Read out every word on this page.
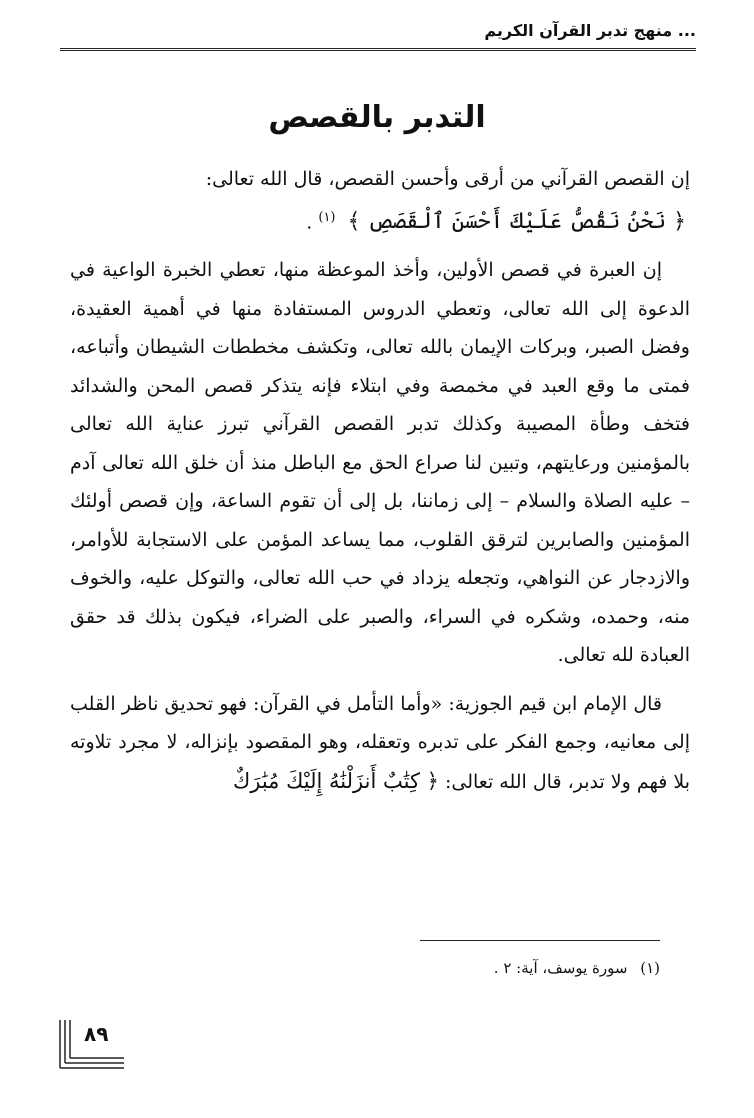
... منهج تدبر القرآن الكريم
التدبر بالقصص

إن القصص القرآني من أرقى وأحسن القصص، قال الله تعالى:
﴿ نَحْنُ نَقُصُّ عَلَيْكَ أَحْسَنَ ٱلْقَصَصِ ﴾ $^{(١)}$ .

إن العبرة في قصص الأولين، وأخذ الموعظة منها، تعطي الخبرة الواعية في الدعوة إلى الله تعالى، وتعطي الدروس المستفادة منها في أهمية العقيدة، وفضل الصبر، وبركات الإيمان بالله تعالى، وتكشف مخططات الشيطان وأتباعه، فمتى ما وقع العبد في مخمصة وفي ابتلاء فإنه يتذكر قصص المحن والشدائد فتخف وطأة المصيبة وكذلك تدبر القصص القرآني تبرز عناية الله تعالى بالمؤمنين ورعايتهم، وتبين لنا صراع الحق مع الباطل منذ أن خلق الله تعالى آدم – عليه الصلاة والسلام – إلى زماننا، بل إلى أن تقوم الساعة، وإن قصص أولئك المؤمنين والصابرين لترقق القلوب، مما يساعد المؤمن على الاستجابة للأوامر، والازدجار عن النواهي، وتجعله يزداد في حب الله تعالى، والتوكل عليه، والخوف منه، وحمده، وشكره في السراء، والصبر على الضراء، فيكون بذلك قد حقق العبادة لله تعالى.

قال الإمام ابن قيم الجوزية: «وأما التأمل في القرآن: فهو تحديق ناظر القلب إلى معانيه، وجمع الفكر على تدبره وتعقله، وهو المقصود بإنزاله، لا مجرد تلاوته بلا فهم ولا تدبر، قال الله تعالى: ﴿ كِتَٰبٌ أَنزَلْنَٰهُ إِلَيْكَ مُبَٰرَكٌ

(١) سورة يوسف، آية: ٢ .
٨٩
